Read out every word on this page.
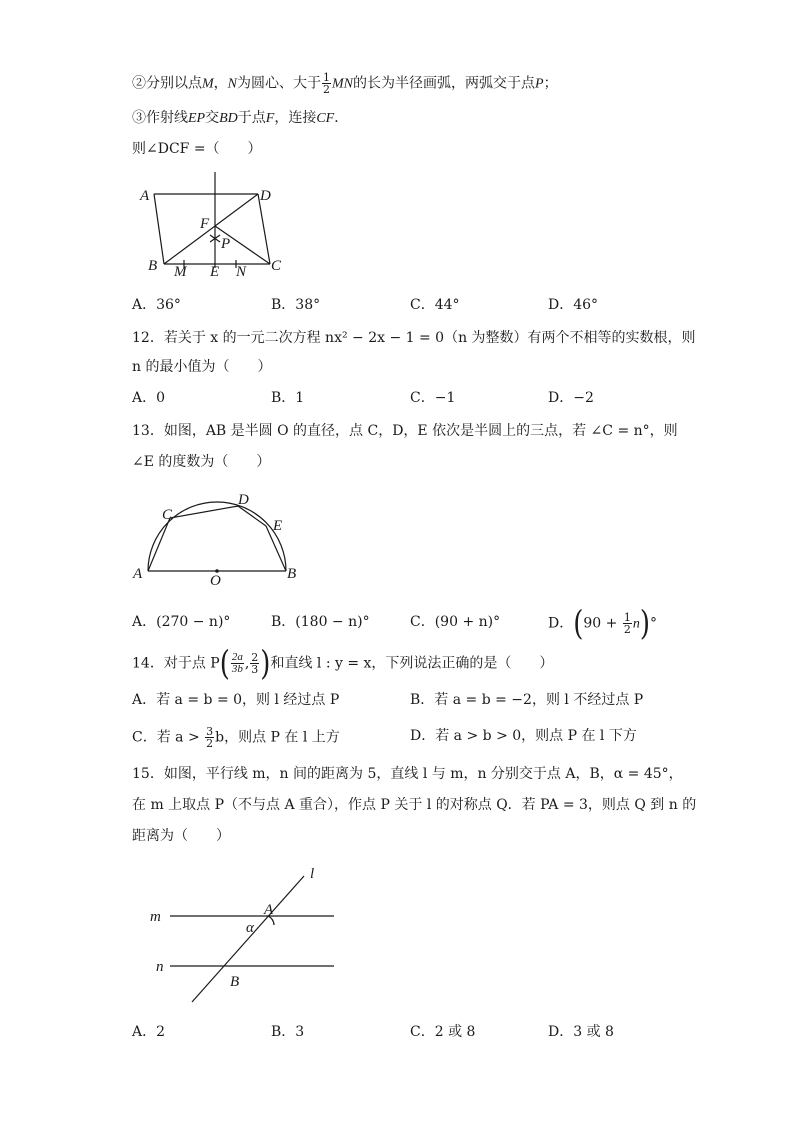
②分别以点M，N为圆心、大于 $\frac{1}{2}$ MN的长为半径画弧，两弧交于点P；
③作射线EP交BD于点F，连接CF．
则∠DCF =（　　）
A	D
F
P
B M E N C
A．36°	B．38°	C．44°	D．46°
12．若关于 x 的一元二次方程 nx² − 2x − 1 = 0（n 为整数）有两个不相等的实数根，则
n 的最小值为（　　）
A．0	B．1	C．−1	D．−2
13．如图，AB 是半圆 O 的直径，点 C，D，E 依次是半圆上的三点，若 ∠C = n°，则
∠E 的度数为（　　）
C
D
E
A	O	B
A．(270 − n)°	B．(180 − n)°	C．(90 + n)°	D．$(90 + \frac{1}{2} n)^\circ$
14．对于点 $P( \frac{2a}{3b}$ , $\frac{2}{3}$ )和直线 l : y = x，下列说法正确的是（　　）
A．若 a = b = 0，则 l 经过点 P	B．若 a = b = −2，则 l 不经过点 P
C．若 $a > \frac{3}{2}$ b，则点 P 在 l 上方	D．若 a > b > 0，则点 P 在 l 下方
15．如图，平行线 m，n 间的距离为 5，直线 l 与 m，n 分别交于点 A，B，α = 45°，
在 m 上取点 P（不与点 A 重合），作点 P 关于 l 的对称点 Q．若 PA = 3，则点 Q 到 n 的
距离为（　　）
l
m	A
α
n
B
A．2	B．3	C．2 或 8	D．3 或 8
